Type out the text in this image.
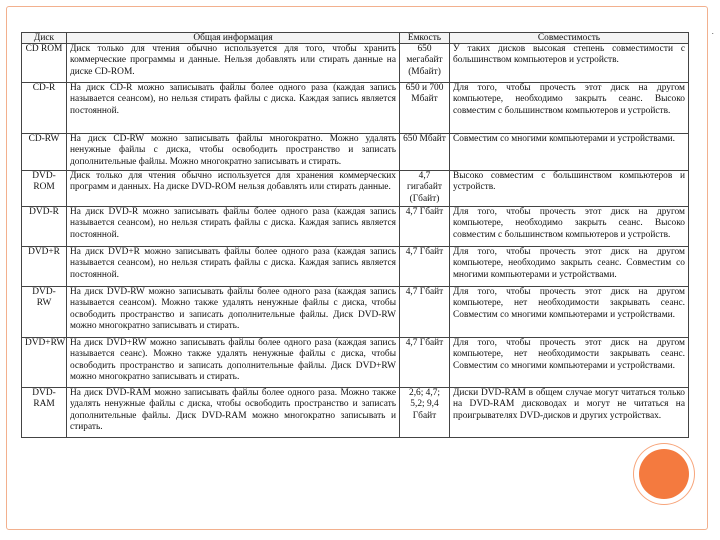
.
Диск	Общая информация	Емкость	Совместимость
CD ROM	Диск только для чтения обычно используется для того, чтобы хранить коммерческие программы и данные. Нельзя добавлять или стирать данные на диске CD-ROM.	650 мегабайт (Мбайт)	У таких дисков высокая степень совместимости с большинством компьютеров и устройств.
CD-R	На диск CD-R можно записывать файлы более одного раза (каждая запись называется сеансом), но нельзя стирать файлы с диска. Каждая запись является постоянной.	650 и 700 Мбайт	Для того, чтобы прочесть этот диск на другом компьютере, необходимо закрыть сеанс. Высоко совместим с большинством компьютеров и устройств.
CD-RW	На диск CD-RW можно записывать файлы многократно. Можно удалять ненужные файлы с диска, чтобы освободить пространство и записать дополнительные файлы. Можно многократно записывать и стирать.	650 Мбайт	Совместим со многими компьютерами и устройствами.
DVD-ROM	Диск только для чтения обычно используется для хранения коммерческих программ и данных. На диске DVD-ROM нельзя добавлять или стирать данные.	4,7 гигабайт (Гбайт)	Высоко совместим с большинством компьютеров и устройств.
DVD-R	На диск DVD-R можно записывать файлы более одного раза (каждая запись называется сеансом), но нельзя стирать файлы с диска. Каждая запись является постоянной.	4,7 Гбайт	Для того, чтобы прочесть этот диск на другом компьютере, необходимо закрыть сеанс. Высоко совместим с большинством компьютеров и устройств.
DVD+R	На диск DVD+R можно записывать файлы более одного раза (каждая запись называется сеансом), но нельзя стирать файлы с диска. Каждая запись является постоянной.	4,7 Гбайт	Для того, чтобы прочесть этот диск на другом компьютере, необходимо закрыть сеанс. Совместим со многими компьютерами и устройствами.
DVD-RW	На диск DVD-RW можно записывать файлы более одного раза (каждая запись называется сеансом). Можно также удалять ненужные файлы с диска, чтобы освободить пространство и записать дополнительные файлы. Диск DVD-RW можно многократно записывать и стирать.	4,7 Гбайт	Для того, чтобы прочесть этот диск на другом компьютере, нет необходимости закрывать сеанс. Совместим со многими компьютерами и устройствами.
DVD+RW	На диск DVD+RW можно записывать файлы более одного раза (каждая запись называется сеанс). Можно также удалять ненужные файлы с диска, чтобы освободить пространство и записать дополнительные файлы. Диск DVD+RW можно многократно записывать и стирать.	4,7 Гбайт	Для того, чтобы прочесть этот диск на другом компьютере, нет необходимости закрывать сеанс. Совместим со многими компьютерами и устройствами.
DVD-RAM	На диск DVD-RAM можно записывать файлы более одного раза. Можно также удалять ненужные файлы с диска, чтобы освободить пространство и записать дополнительные файлы. Диск DVD-RAM можно многократно записывать и стирать.	2,6; 4,7; 5,2; 9,4 Гбайт	Диски DVD-RAM в общем случае могут читаться только на DVD-RAM дисководах и могут не читаться на проигрывателях DVD-дисков и других устройствах.
